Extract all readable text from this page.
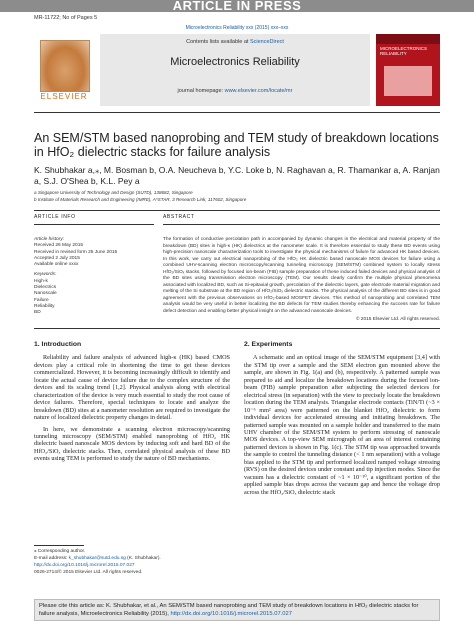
ARTICLE IN PRESS
MR-11722; No of Pages 5
Microelectronics Reliability xxx (2015) xxx–xxx
ELSEVIER
Contents lists available at ScienceDirect
Microelectronics Reliability
journal homepage: www.elsevier.com/locate/mr
MICROELECTRONICS RELIABILITY
An SEM/STM based nanoprobing and TEM study of breakdown locations in HfO₂ dielectric stacks for failure analysis
K. Shubhakar a,⁎, M. Bosman b, O.A. Neucheva b, Y.C. Loke b, N. Raghavan a, R. Thamankar a, A. Ranjan a, S.J. O'Shea b, K.L. Pey a
a Singapore University of Technology and Design (SUTD), 138682, Singapore
b Institute of Materials Research and Engineering (IMRE), A*STAR, 3 Research Link, 117602, Singapore
ARTICLE INFO	ABSTRACT
Article history:
Received 26 May 2015
Received in revised form 25 June 2015
Accepted 2 July 2015
Available online xxxx
Keywords:
High-k
Dielectrics
Nanoscale
Failure
Reliability
BD
The formation of conductive percolation path in accompanied by dynamic changes in the electrical and material property of the breakdown (BD) sites in high-κ (HK) dielectrics at the nanometer scale. It is therefore essential to study these BD events using high-precision nanoscale characterization tools to investigate the physical mechanisms of failure for advanced HK based devices. In this work, we carry out electrical nanoprobing of the HfO₂ HK dielectric based nanoscale MOS devices for failure using a combined UHV-scanning electron microscopy/scanning tunneling microscopy (SEM/STM) combined system to locally stress HfO₂/SiOₓ stacks, followed by focused ion-beam (FIB) sample preparation of these induced failed devices and physical analysis of the BD sites using transmission electron microscopy (TEM). Our results clearly confirm the multiple physical phenomena associated with localized BD, such as Si-epitaxial growth, percolation of the dielectric layers, gate electrode material migration and melting of the Si substrate at the BD region of HfO₂/SiOₓ dielectric stacks. The physical analysis of the different BD sites is in good agreement with the previous observations on HfO₂-based MOSFET devices. This method of nanoprobing and correlated TEM analysis would be very useful in better localizing the BD defects for TEM studies thereby enhancing the success rate for failure defect detection and enabling better physical insight on the advanced nanoscale devices.
© 2015 Elsevier Ltd. All rights reserved.
1. Introduction

Reliability and failure analysis of advanced high-κ (HK) based CMOS devices play a critical role in shortening the time to get these devices commercialized. However, it is becoming increasingly difficult to identify and locate the actual cause of device failure due to the complex structure of the devices and its scaling trend [1,2]. Physical analysis along with electrical characterization of the device is very much essential to study the root cause of device failures. Therefore, special techniques to locate and analyze the breakdown (BD) sites at a nanometer resolution are required to investigate the nature of localized dielectric property changes in detail.

In here, we demonstrate a scanning electron microscopy/scanning tunneling microscopy (SEM/STM) enabled nanoprobing of HfO₂ HK dielectric based nanoscale MOS devices by inducing soft and hard BD of the HfO₂/SiOₓ dielectric stacks. Then, correlated physical analysis of these BD events using TEM is performed to study the nature of BD mechanisms.

2. Experiments

A schematic and an optical image of the SEM/STM equipment [3,4] with the STM tip over a sample and the SEM electron gun mounted above the sample, are shown in Fig. 1(a) and (b), respectively. A patterned sample was prepared to aid and localize the breakdown locations during the focused ion-beam (FIB) sample preparation after subjecting the selected devices for electrical stress (in separation) with the view to precisely locate the breakdown location during the TEM analysis. Triangular electrode contacts (TiN/Ti (~3 × 10⁻⁶ mm² area) were patterned on the blanket HfO₂ dielectric to form individual devices for accelerated stressing and initiating breakdown. The patterned sample was mounted on a sample holder and transferred to the main UHV chamber of the SEM/STM system to perform stressing of nanoscale MOS devices. A top-view SEM micrograph of an area of interest containing patterned devices is shown in Fig. 1(c). The STM tip was approached towards the sample to control the tunneling distance (< 1 nm separation) with a voltage bias applied to the STM tip and performed localized ramped voltage stressing (RVS) on the desired devices under constant and tip injection modes. Since the vacuum has a dielectric constant of ~1 × 10⁻¹⁰, a significant portion of the applied sample bias drops across the vacuum gap and hence the voltage drop across the HfO₂/SiOₓ dielectric stack

⁎ Corresponding author.
E-mail address: k_shubhakar@sutd.edu.sg (K. Shubhakar).
http://dx.doi.org/10.1016/j.microrel.2015.07.027
0026-2714/© 2015 Elsevier Ltd. All rights reserved.
Please cite this article as: K. Shubhakar, et al., An SEM/STM based nanoprobing and TEM study of breakdown locations in HfO₂ dielectric stacks for failure analysis, Microelectronics Reliability (2015), http://dx.doi.org/10.1016/j.microrel.2015.07.027
